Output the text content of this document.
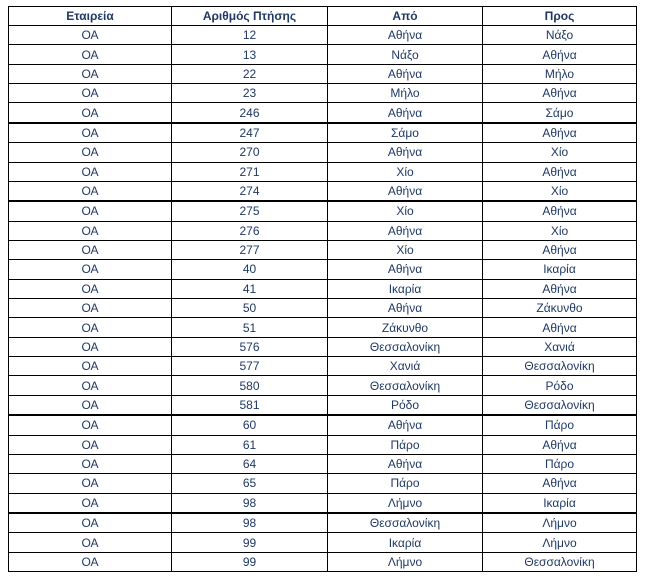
Εταιρεία	Αριθμός Πτήσης	Από	Προς
ΟΑ	12	Αθήνα	Νάξο
ΟΑ	13	Νάξο	Αθήνα
ΟΑ	22	Αθήνα	Μήλο
ΟΑ	23	Μήλο	Αθήνα
ΟΑ	246	Αθήνα	Σάμο
ΟΑ	247	Σάμο	Αθήνα
ΟΑ	270	Αθήνα	Χίο
ΟΑ	271	Χίο	Αθήνα
ΟΑ	274	Αθήνα	Χίο
ΟΑ	275	Χίο	Αθήνα
ΟΑ	276	Αθήνα	Χίο
ΟΑ	277	Χίο	Αθήνα
ΟΑ	40	Αθήνα	Ικαρία
ΟΑ	41	Ικαρία	Αθήνα
ΟΑ	50	Αθήνα	Ζάκυνθο
ΟΑ	51	Ζάκυνθο	Αθήνα
ΟΑ	576	Θεσσαλονίκη	Χανιά
ΟΑ	577	Χανιά	Θεσσαλονίκη
ΟΑ	580	Θεσσαλονίκη	Ρόδο
ΟΑ	581	Ρόδο	Θεσσαλονίκη
ΟΑ	60	Αθήνα	Πάρο
ΟΑ	61	Πάρο	Αθήνα
ΟΑ	64	Αθήνα	Πάρο
ΟΑ	65	Πάρο	Αθήνα
ΟΑ	98	Λήμνο	Ικαρία
ΟΑ	98	Θεσσαλονίκη	Λήμνο
ΟΑ	99	Ικαρία	Λήμνο
ΟΑ	99	Λήμνο	Θεσσαλονίκη
